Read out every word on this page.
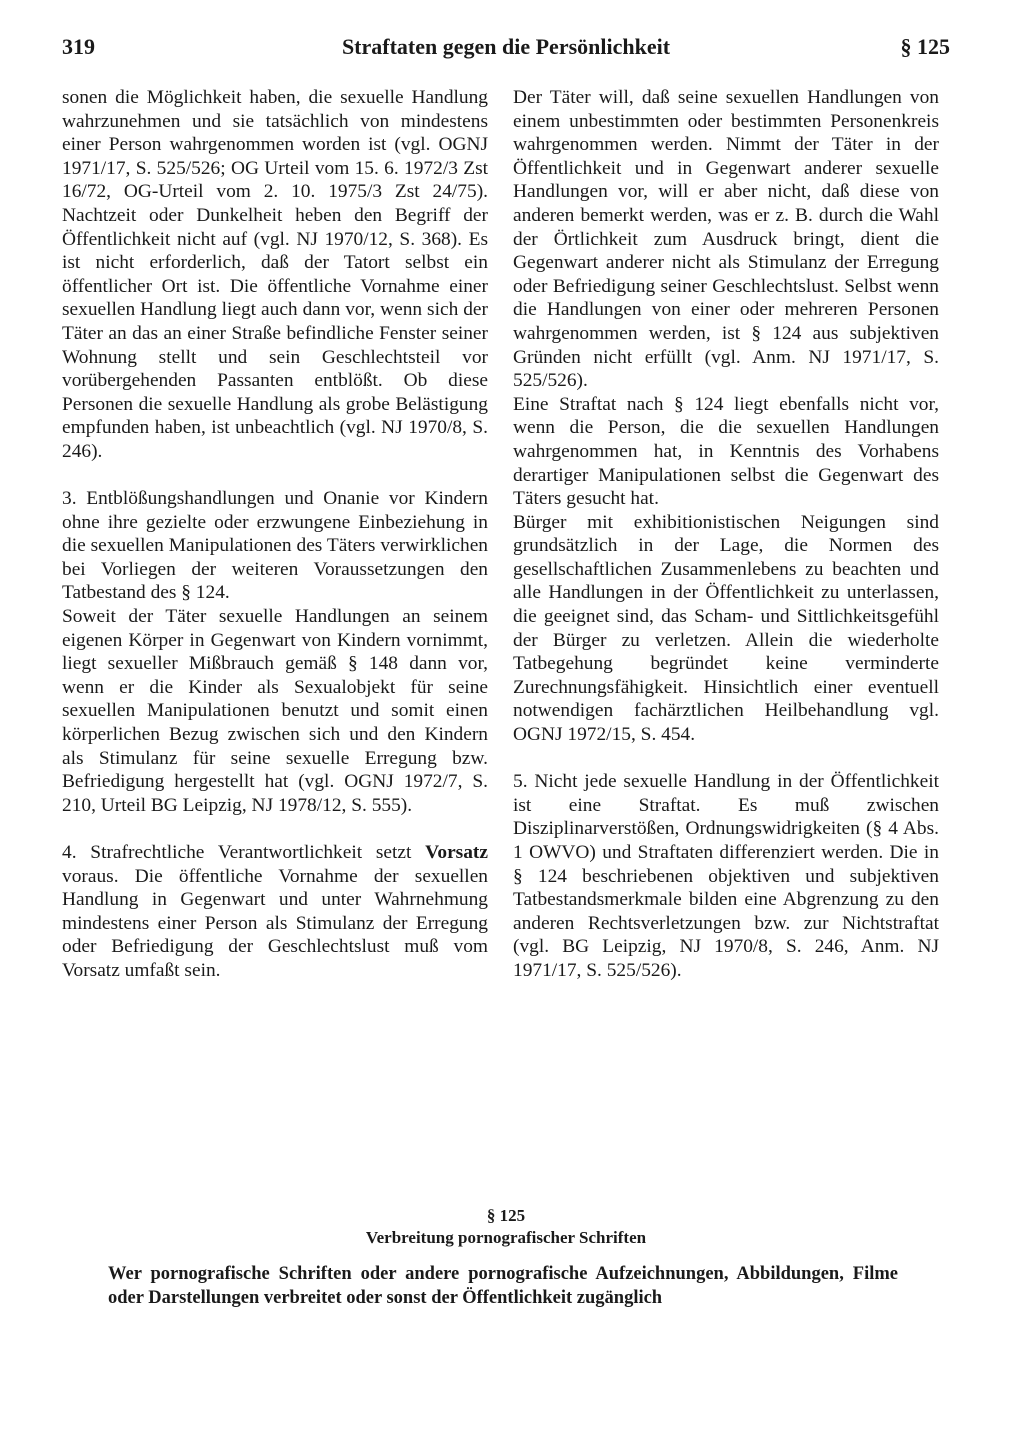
319	Straftaten gegen die Persönlichkeit	§ 125

sonen die Möglichkeit haben, die sexuelle Handlung wahrzunehmen und sie tatsächlich von mindestens einer Person wahrgenommen worden ist (vgl. OGNJ 1971/17, S. 525/526; OG Urteil vom 15. 6. 1972/3 Zst 16/72, OG-Urteil vom 2. 10. 1975/3 Zst 24/75). Nachtzeit oder Dunkelheit heben den Begriff der Öffentlichkeit nicht auf (vgl. NJ 1970/12, S. 368). Es ist nicht erforderlich, daß der Tatort selbst ein öffentlicher Ort ist. Die öffentliche Vornahme einer sexuellen Handlung liegt auch dann vor, wenn sich der Täter an das an einer Straße befindliche Fenster seiner Wohnung stellt und sein Geschlechtsteil vor vorübergehenden Passanten entblößt. Ob diese Personen die sexuelle Handlung als grobe Belästigung empfunden haben, ist unbeachtlich (vgl. NJ 1970/8, S. 246).

3. Entblößungshandlungen und Onanie vor Kindern ohne ihre gezielte oder erzwungene Einbeziehung in die sexuellen Manipulationen des Täters verwirklichen bei Vorliegen der weiteren Voraussetzungen den Tatbestand des § 124.

Soweit der Täter sexuelle Handlungen an seinem eigenen Körper in Gegenwart von Kindern vornimmt, liegt sexueller Mißbrauch gemäß § 148 dann vor, wenn er die Kinder als Sexualobjekt für seine sexuellen Manipulationen benutzt und somit einen körperlichen Bezug zwischen sich und den Kindern als Stimulanz für seine sexuelle Erregung bzw. Befriedigung hergestellt hat (vgl. OGNJ 1972/7, S. 210, Urteil BG Leipzig, NJ 1978/12, S. 555).

4. Strafrechtliche Verantwortlichkeit setzt Vorsatz voraus. Die öffentliche Vornahme der sexuellen Handlung in Gegenwart und unter Wahrnehmung mindestens einer Person als Stimulanz der Erregung oder Befriedigung der Geschlechtslust muß vom Vorsatz umfaßt sein.

Der Täter will, daß seine sexuellen Handlungen von einem unbestimmten oder bestimmten Personenkreis wahrgenommen werden. Nimmt der Täter in der Öffentlichkeit und in Gegenwart anderer sexuelle Handlungen vor, will er aber nicht, daß diese von anderen bemerkt werden, was er z. B. durch die Wahl der Örtlichkeit zum Ausdruck bringt, dient die Gegenwart anderer nicht als Stimulanz der Erregung oder Befriedigung seiner Geschlechtslust. Selbst wenn die Handlungen von einer oder mehreren Personen wahrgenommen werden, ist § 124 aus subjektiven Gründen nicht erfüllt (vgl. Anm. NJ 1971/17, S. 525/526).

Eine Straftat nach § 124 liegt ebenfalls nicht vor, wenn die Person, die die sexuellen Handlungen wahrgenommen hat, in Kenntnis des Vorhabens derartiger Manipulationen selbst die Gegenwart des Täters gesucht hat.

Bürger mit exhibitionistischen Neigungen sind grundsätzlich in der Lage, die Normen des gesellschaftlichen Zusammenlebens zu beachten und alle Handlungen in der Öffentlichkeit zu unterlassen, die geeignet sind, das Scham- und Sittlichkeitsgefühl der Bürger zu verletzen. Allein die wiederholte Tatbegehung begründet keine verminderte Zurechnungsfähigkeit. Hinsichtlich einer eventuell notwendigen fachärztlichen Heilbehandlung vgl. OGNJ 1972/15, S. 454.

5. Nicht jede sexuelle Handlung in der Öffentlichkeit ist eine Straftat. Es muß zwischen Disziplinarverstößen, Ordnungswidrigkeiten (§ 4 Abs. 1 OWVO) und Straftaten differenziert werden. Die in § 124 beschriebenen objektiven und subjektiven Tatbestandsmerkmale bilden eine Abgrenzung zu den anderen Rechtsverletzungen bzw. zur Nichtstraftat (vgl. BG Leipzig, NJ 1970/8, S. 246, Anm. NJ 1971/17, S. 525/526).

§ 125
Verbreitung pornografischer Schriften
Wer pornografische Schriften oder andere pornografische Aufzeichnungen, Abbildungen, Filme oder Darstellungen verbreitet oder sonst der Öffentlichkeit zugänglich
